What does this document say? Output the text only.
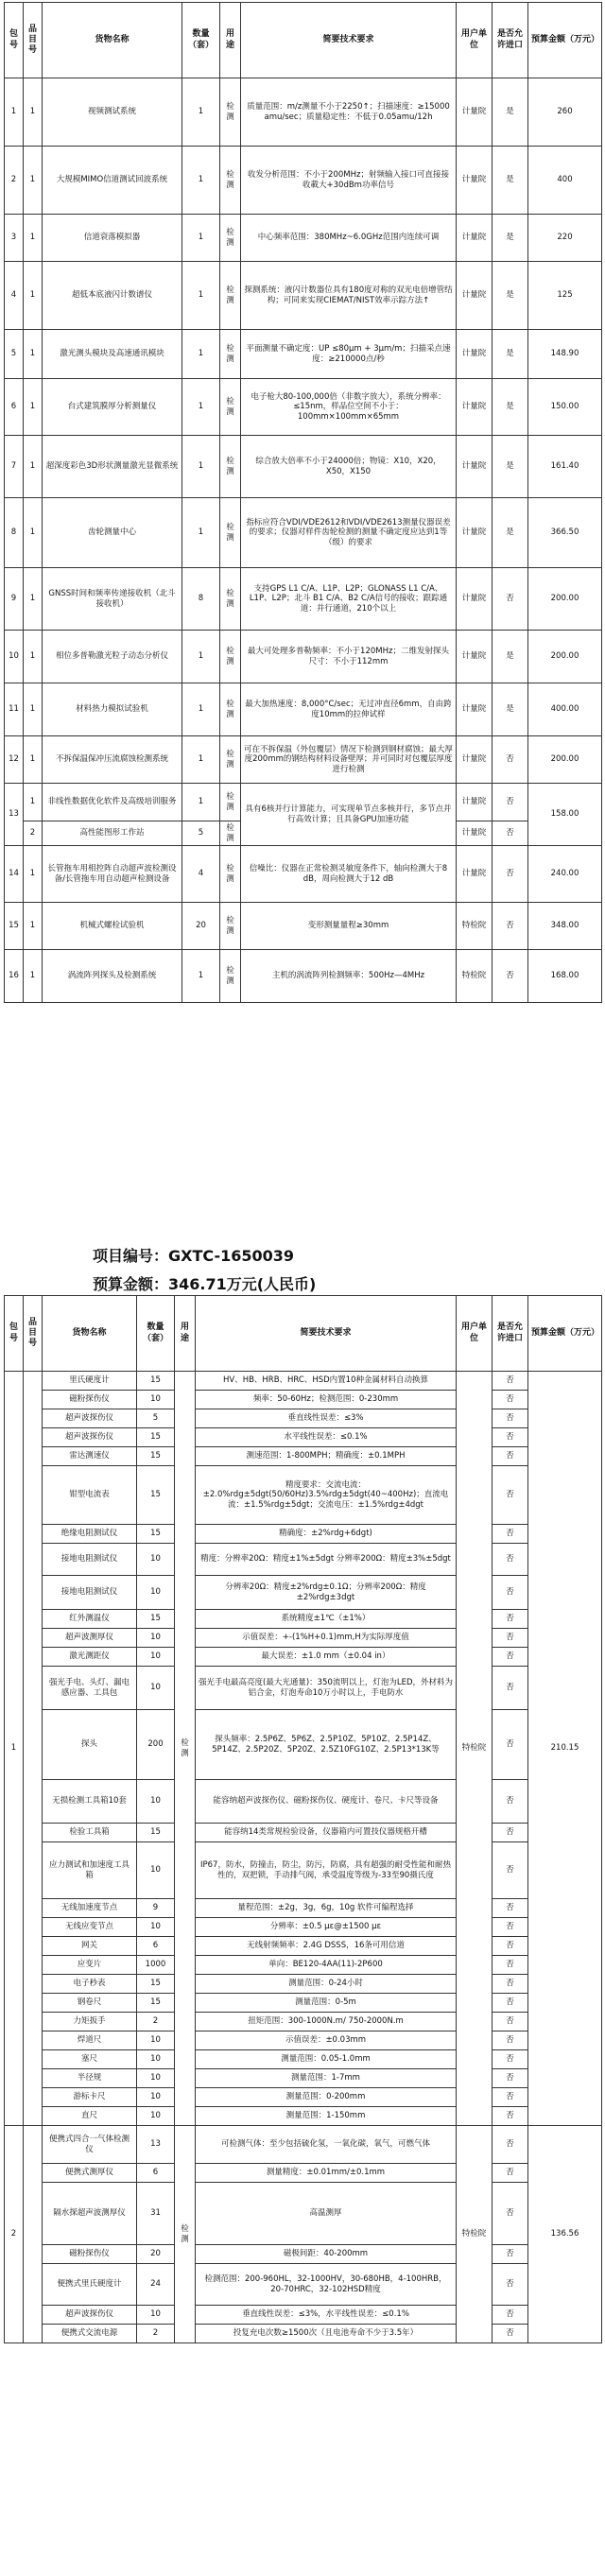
包号	品目号	货物名称	数量（套）	用途	简要技术要求	用户单位	是否允许进口	预算金额（万元）
1	1	视频测试系统	1	检测	质量范围：m/z测量不小于2250↑；扫描速度：≥15000 amu/sec；质量稳定性：不低于0.05amu/12h	计量院	是	260
2	1	大规模MIMO信道测试回波系统	1	检测	收发分析范围：不小于200MHz；射频输入接口可直接接收載大+30dBm功率信号	计量院	是	400
3	1	信道衰落模拟器	1	检测	中心频率范围：380MHz~6.0GHz范围内连续可调	计量院	是	220
4	1	超低本底液闪计数谱仪	1	检测	探测系统：液闪计数器位具有180度对称的双光电倍增管结构；可同来实现CIEMAT/NIST效率示踪方法↑	计量院	是	125
5	1	激光测头模块及高速通讯模块	1	检测	平面测量不确定度：UP ≤80μm + 3μm/m；扫描采点速度：≥210000点/秒	计量院	是	148.90
6	1	台式建筑膜厚分析测量仪	1	检测	电子枪大80-100,000倍（非数字放大），系统分辨率：≤15nm，样品位空间不小于：100mm×100mm×65mm	计量院	是	150.00
7	1	超深度彩色3D形状测量激光显微系统	1	检测	综合放大倍率不小于24000倍；物镜：X10，X20，X50，X150	计量院	是	161.40
8	1	齿轮测量中心	1	检测	指标应符合VDI/VDE2612和VDI/VDE2613测量仪器误差的要求；仪器对样件齿轮检测的测量不确定度应达到1等（级）的要求	计量院	是	366.50
9	1	GNSS时间和频率传递接收机（北斗接收机）	8	检测	支持GPS L1 C/A、L1P、L2P；GLONASS L1 C/A、L1P、L2P；北斗 B1 C/A、B2 C/A信号的接收；跟踪通道：并行通道，210个以上	计量院	否	200.00
10	1	相位多普勒激光粒子动态分析仪	1	检测	最大可处理多普勒频率：不小于120MHz；二维发射探头尺寸：不小于112mm	计量院	是	200.00
11	1	材料热力模拟试验机	1	检测	最大加热速度：8,000°C/sec；无过冲直径6mm，自由跨度10mm的拉伸试样	计量院	是	400.00
12	1	不拆保温保冲压流腐蚀检测系统	1	检测	可在不拆保温（外包覆层）情况下检测到钢材腐蚀；最大厚度200mm的钢结构材料设备壁厚；并可同时对包覆层厚度进行检测	计量院	否	200.00
13	1	非线性数据优化软件及高级培训服务	1	检测	具有6核并行计算能力，可实现单节点多核并行，多节点并行高效计算；且具备GPU加速功能	计量院	否	158.00
	2	高性能图形工作站	5	检测		计量院	否	
14	1	长管拖车用相控阵自动超声波检测设备/长管拖车用自动超声检测设备	4	检测	信噪比：仪器在正常检测灵敏度条件下，轴向检测大于8 dB，周向检测大于12 dB	计量院	否	240.00
15	1	机械式螺栓试验机	20	检测	变形测量量程≥30mm	特检院	否	348.00
16	1	涡流阵列探头及检测系统	1	检测	主机的涡流阵列检测频率：500Hz—4MHz	特检院	否	168.00
项目编号：GXTC-1650039
预算金额：346.71万元(人民币)
包号	品目号	货物名称	数量（套）	用途	简要技术要求	用户单位	是否允许进口	预算金额（万元）
1		里氏硬度计	15	检测	HV、HB、HRB、HRC、HSD内置10种金属材料自动换算	特检院	否	210.15
		磁粉探伤仪	10		频率：50-60Hz；检测范围：0-230mm		否	
		超声波探伤仪	5		垂直线性误差：≤3%		否	
		超声波探伤仪	15		水平线性误差：≤0.1%		否	
		雷达测速仪	15		测速范围：1-800MPH；精确度：±0.1MPH		否	
		钳型电流表	15		精度要求：交流电流：±2.0%rdg±5dgt(50/60Hz)3.5%rdg±5dgt(40~400Hz)；直流电流：±1.5%rdg±5dgt；交流电压：±1.5%rdg±4dgt		否	
		绝缘电阻测试仪	15		精确度：±2%rdg+6dgt)		否	
		接地电阻测试仪	10		精度：分辨率20Ω：精度±1%±5dgt 分辨率200Ω：精度±3%±5dgt		否	
		接地电阻测试仪	10		分辨率20Ω：精度±2%rdg±0.1Ω；分辨率200Ω：精度±2%rdg±3dgt		否	
		红外测温仪	15		系统精度±1℃（±1%）		否	
		超声波测厚仪	10		示值误差：+-(1%H+0.1)mm,H为实际厚度值		否	
		激光测距仪	10		最大误差：±1.0 mm（±0.04 in）		否	
		强光手电、头灯、漏电感应器、工具包	10		强光手电最高亮度(最大光通量)：350流明以上，灯泡为LED，外材料为铝合金，灯泡寿命10万小时以上，手电防水		否	
		探头	200		探头频率：2.5P6Z、5P6Z、2.5P10Z、5P10Z、2.5P14Z、5P14Z、2.5P20Z、5P20Z、2.5Z10FG10Z、2.5P13*13K等		否	
		无损检测工具箱10套	10		能容纳超声波探伤仪、磁粉探伤仪、硬度计、卷尺、卡尺等设备		否	
		检验工具箱	15		能容纳14类常规检验设备，仪器箱内可置技仪器规格开槽		否	
		应力测试和加速度工具箱	10		IP67，防水，防撞击，防尘，防污，防腐，具有超强的耐受性能和耐热性的，双把锁，手动排气阀，承受温度等级为-33至90摄氏度		否	
		无线加速度节点	9		量程范围：±2g，3g，6g，10g 软件可编程选择		否	
		无线应变节点	10		分辨率：±0.5 με@±1500 με		否	
		网关	6		无线射频频率：2.4G DSSS，16条可用信道		否	
		应变片	1000		单向：BE120-4AA(11)-2P600		否	
		电子秒表	15		测量范围：0-24小时		否	
		钢卷尺	15		测量范围：0-5m		否	
		力矩扳手	2		扭矩范围：300-1000N.m/ 750-2000N.m		否	
		焊道尺	10		示值误差：±0.03mm		否	
		塞尺	10		测量范围：0.05-1.0mm		否	
		半径规	10		测量范围：1-7mm		否	
		游标卡尺	10		测量范围：0-200mm		否	
		直尺	10		测量范围：1-150mm		否	
2		便携式四合一气体检测仪	13	检测	可检测气体：至少包括硫化氢，一氧化碳，氧气，可燃气体	特检院	否	136.56
		便携式测厚仪	6		测量精度：±0.01mm/±0.1mm		否	
		隔水探超声波测厚仪	31		高温测厚		否	
		磁粉探伤仪	20		磁极间距：40-200mm		否	
		便携式里氏硬度计	24		检测范围：200-960HL，32-1000HV，30-680HB，4-100HRB，20-70HRC，32-102HSD精度		否	
		超声波探伤仪	10		垂直线性误差：≤3%，水平线性误差：≤0.1%		否	
		便携式交流电源	2		投复充电次数≥1500次（且电池寿命不少于3.5年）		否	
